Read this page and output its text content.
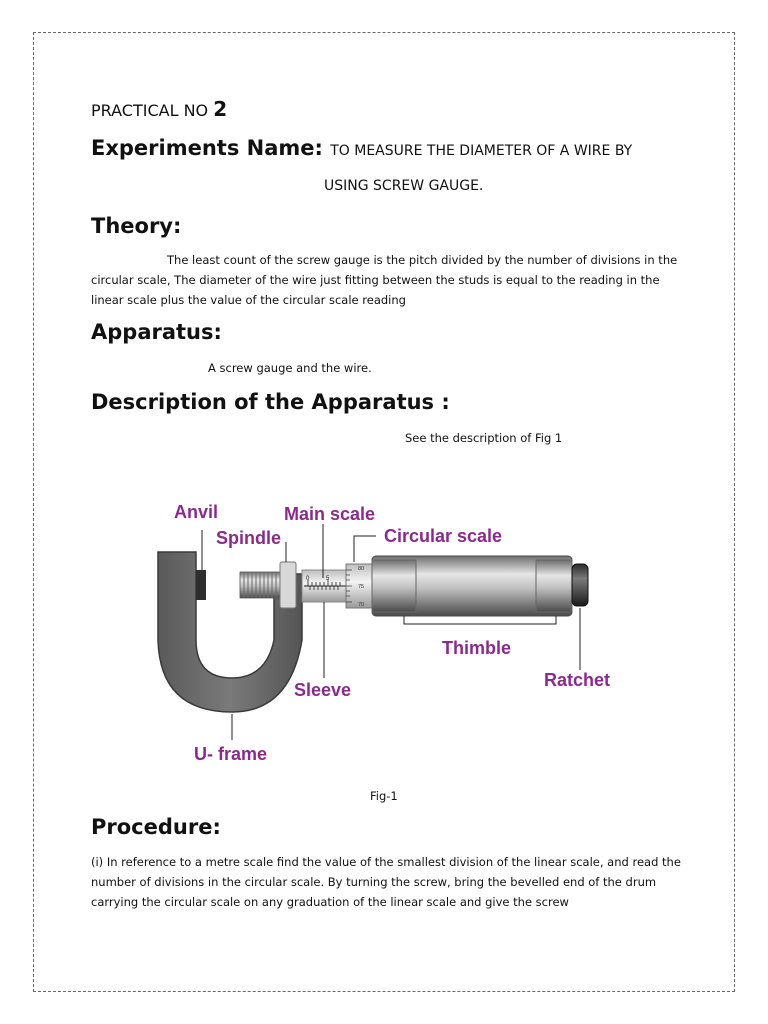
PRACTICAL NO 2
Experiments Name: TO MEASURE THE DIAMETER OF A WIRE BY
USING SCREW GAUGE.
Theory:

The least count of the screw gauge is the pitch divided by the number of divisions in the circular scale, The diameter of the wire just fitting between the studs is equal to the reading in the linear scale plus the value of the circular scale reading

Apparatus:
A screw gauge and the wire.
Description of the Apparatus :
See the description of Fig 1
0	5
80
75
70
Anvil
Spindle
Main scale
Circular scale
Thimble
Ratchet
Sleeve
U- frame
Fig-1
Procedure:

(i) In reference to a metre scale find the value of the smallest division of the linear scale, and read the number of divisions in the circular scale. By turning the screw, bring the bevelled end of the drum carrying the circular scale on any graduation of the linear scale and give the screw
